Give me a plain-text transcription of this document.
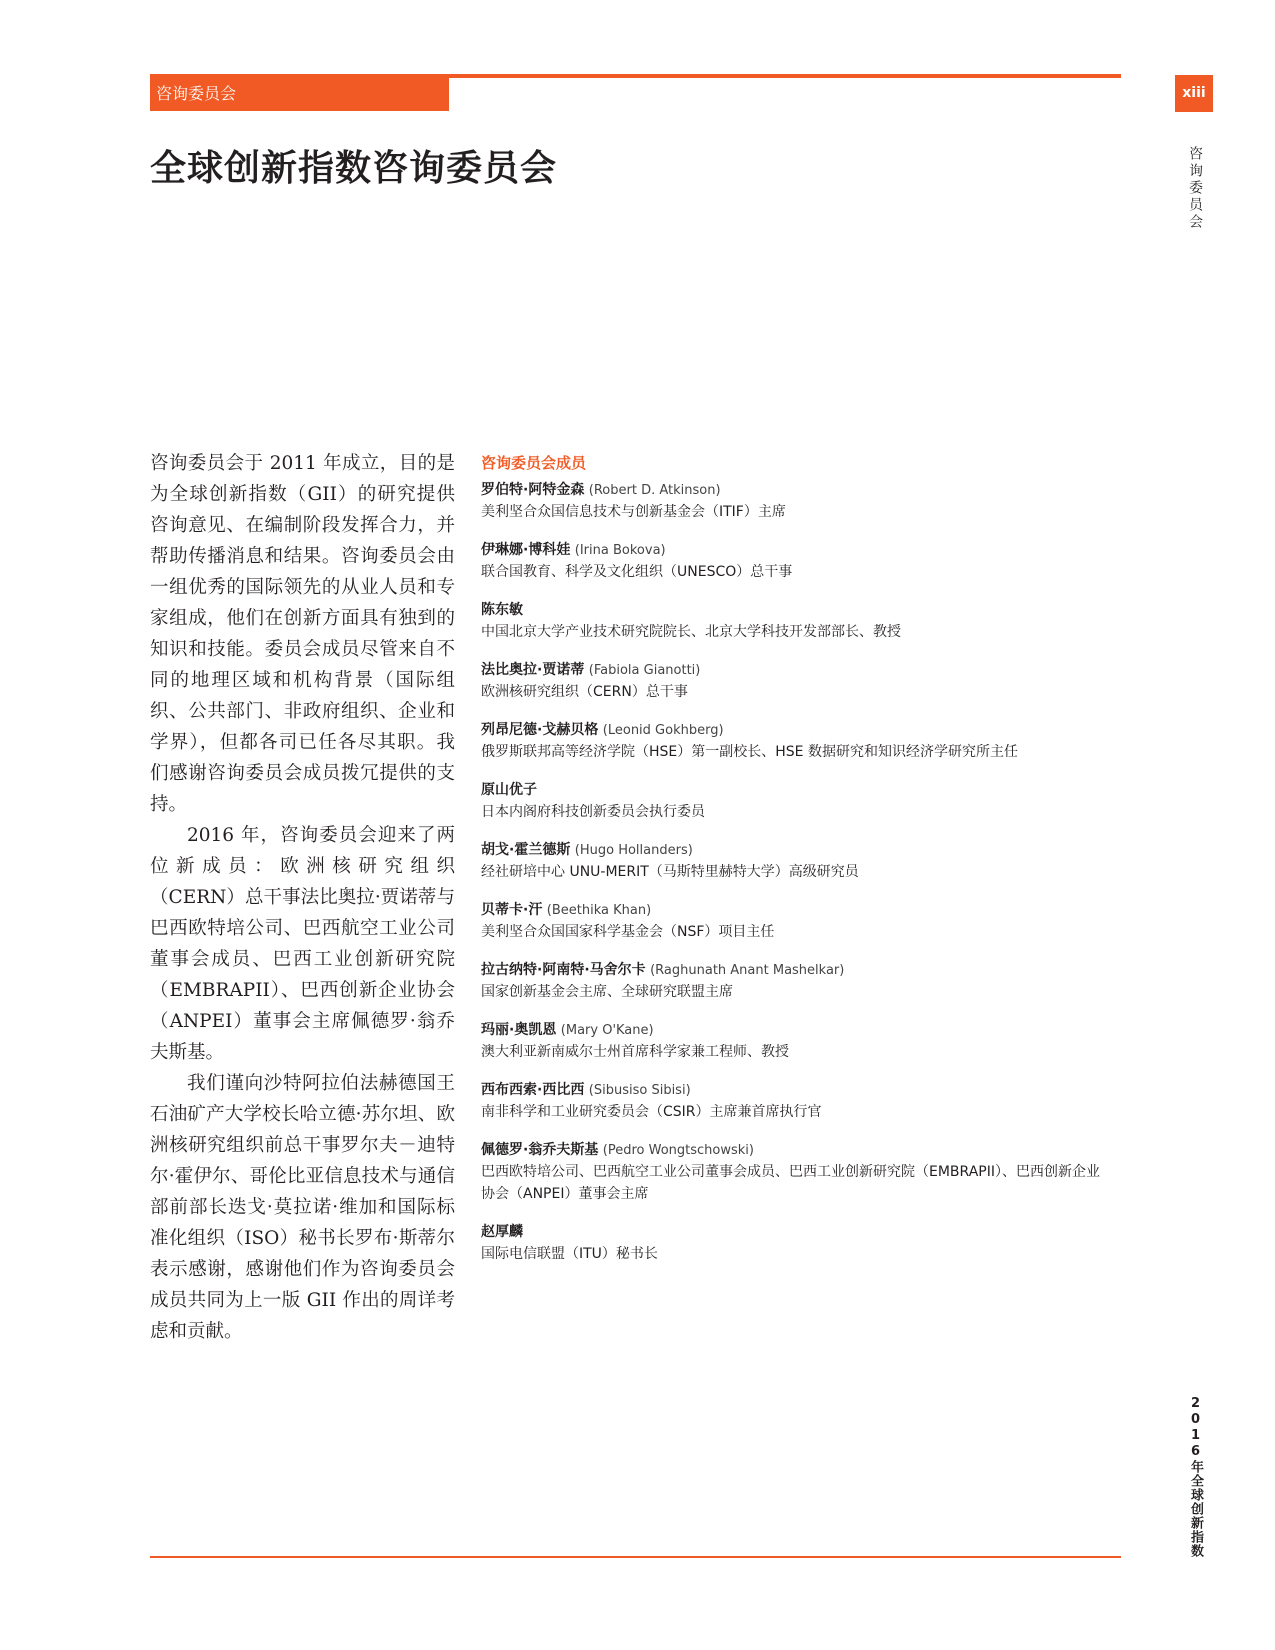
咨询委员会	xiii
咨询委员会
全球创新指数咨询委员会

咨询委员会于 2011 年成立，目的是为全球创新指数（GII）的研究提供咨询意见、在编制阶段发挥合力，并帮助传播消息和结果。咨询委员会由一组优秀的国际领先的从业人员和专家组成，他们在创新方面具有独到的知识和技能。委员会成员尽管来自不同的地理区域和机构背景（国际组织、公共部门、非政府组织、企业和学界），但都各司已任各尽其职。我们感谢咨询委员会成员拨冗提供的支持。

2016 年，咨询委员会迎来了两位新成员：欧洲核研究组织（CERN）总干事法比奥拉·贾诺蒂与巴西欧特培公司、巴西航空工业公司董事会成员、巴西工业创新研究院（EMBRAPII）、巴西创新企业协会（ANPEI）董事会主席佩德罗·翁乔夫斯基。

我们谨向沙特阿拉伯法赫德国王石油矿产大学校长哈立德·苏尔坦、欧洲核研究组织前总干事罗尔夫－迪特尔·霍伊尔、哥伦比亚信息技术与通信部前部长迭戈·莫拉诺·维加和国际标准化组织（ISO）秘书长罗布·斯蒂尔表示感谢，感谢他们作为咨询委员会成员共同为上一版 GII 作出的周详考虑和贡献。

咨询委员会成员
罗伯特·阿特金森 (Robert D. Atkinson)
美利坚合众国信息技术与创新基金会（ITIF）主席
伊琳娜·博科娃 (Irina Bokova)
联合国教育、科学及文化组织（UNESCO）总干事
陈东敏
中国北京大学产业技术研究院院长、北京大学科技开发部部长、教授
法比奥拉·贾诺蒂 (Fabiola Gianotti)
欧洲核研究组织（CERN）总干事
列昂尼德·戈赫贝格 (Leonid Gokhberg)
俄罗斯联邦高等经济学院（HSE）第一副校长、HSE 数据研究和知识经济学研究所主任
原山优子
日本内阁府科技创新委员会执行委员
胡戈·霍兰德斯 (Hugo Hollanders)
经社研培中心 UNU-MERIT（马斯特里赫特大学）高级研究员
贝蒂卡·汗 (Beethika Khan)
美利坚合众国国家科学基金会（NSF）项目主任
拉古纳特·阿南特·马舍尔卡 (Raghunath Anant Mashelkar)
国家创新基金会主席、全球研究联盟主席
玛丽·奥凯恩 (Mary O'Kane)
澳大利亚新南威尔士州首席科学家兼工程师、教授
西布西索·西比西 (Sibusiso Sibisi)
南非科学和工业研究委员会（CSIR）主席兼首席执行官
佩德罗·翁乔夫斯基 (Pedro Wongtschowski)
巴西欧特培公司、巴西航空工业公司董事会成员、巴西工业创新研究院（EMBRAPII）、巴西创新企业协会（ANPEI）董事会主席
赵厚麟
国际电信联盟（ITU）秘书长
2016年全球创新指数
